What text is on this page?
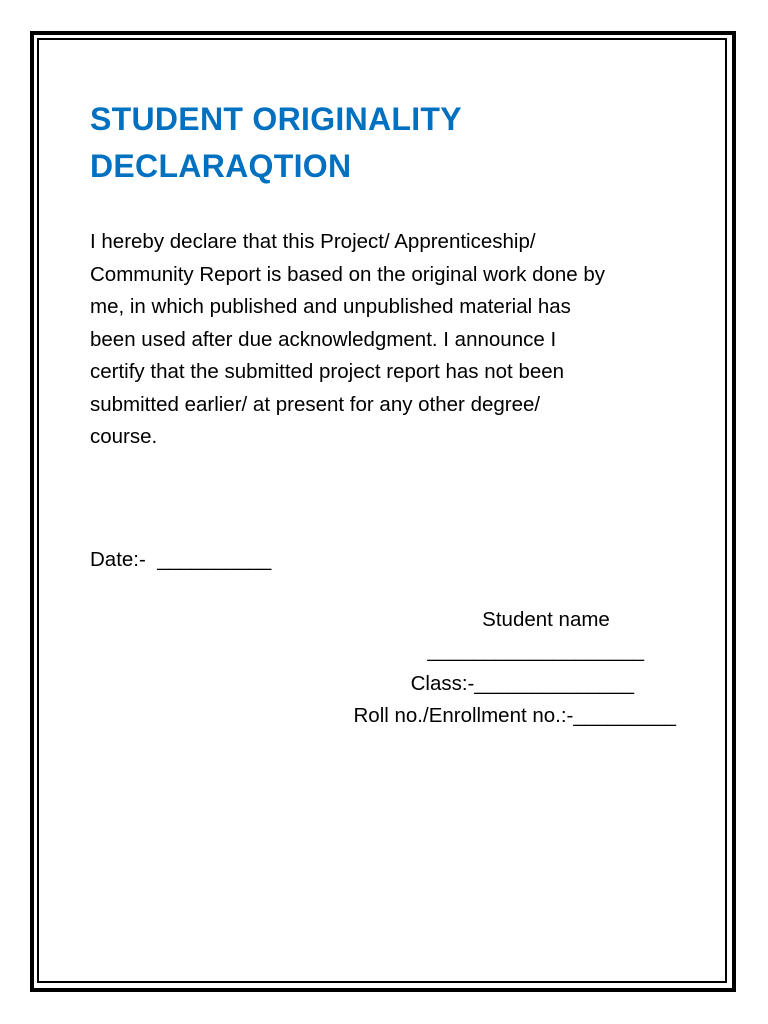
STUDENT ORIGINALITY
DECLARAQTION
I hereby declare that this Project/ Apprenticeship/
Community Report is based on the original work done by
me, in which published and unpublished material has
been used after due acknowledgment. I announce I
certify that the submitted project report has not been
submitted earlier/ at present for any other degree/
course.
Date:-  __________
Student name
___________________
Class:-______________
Roll no./Enrollment no.:-_________
